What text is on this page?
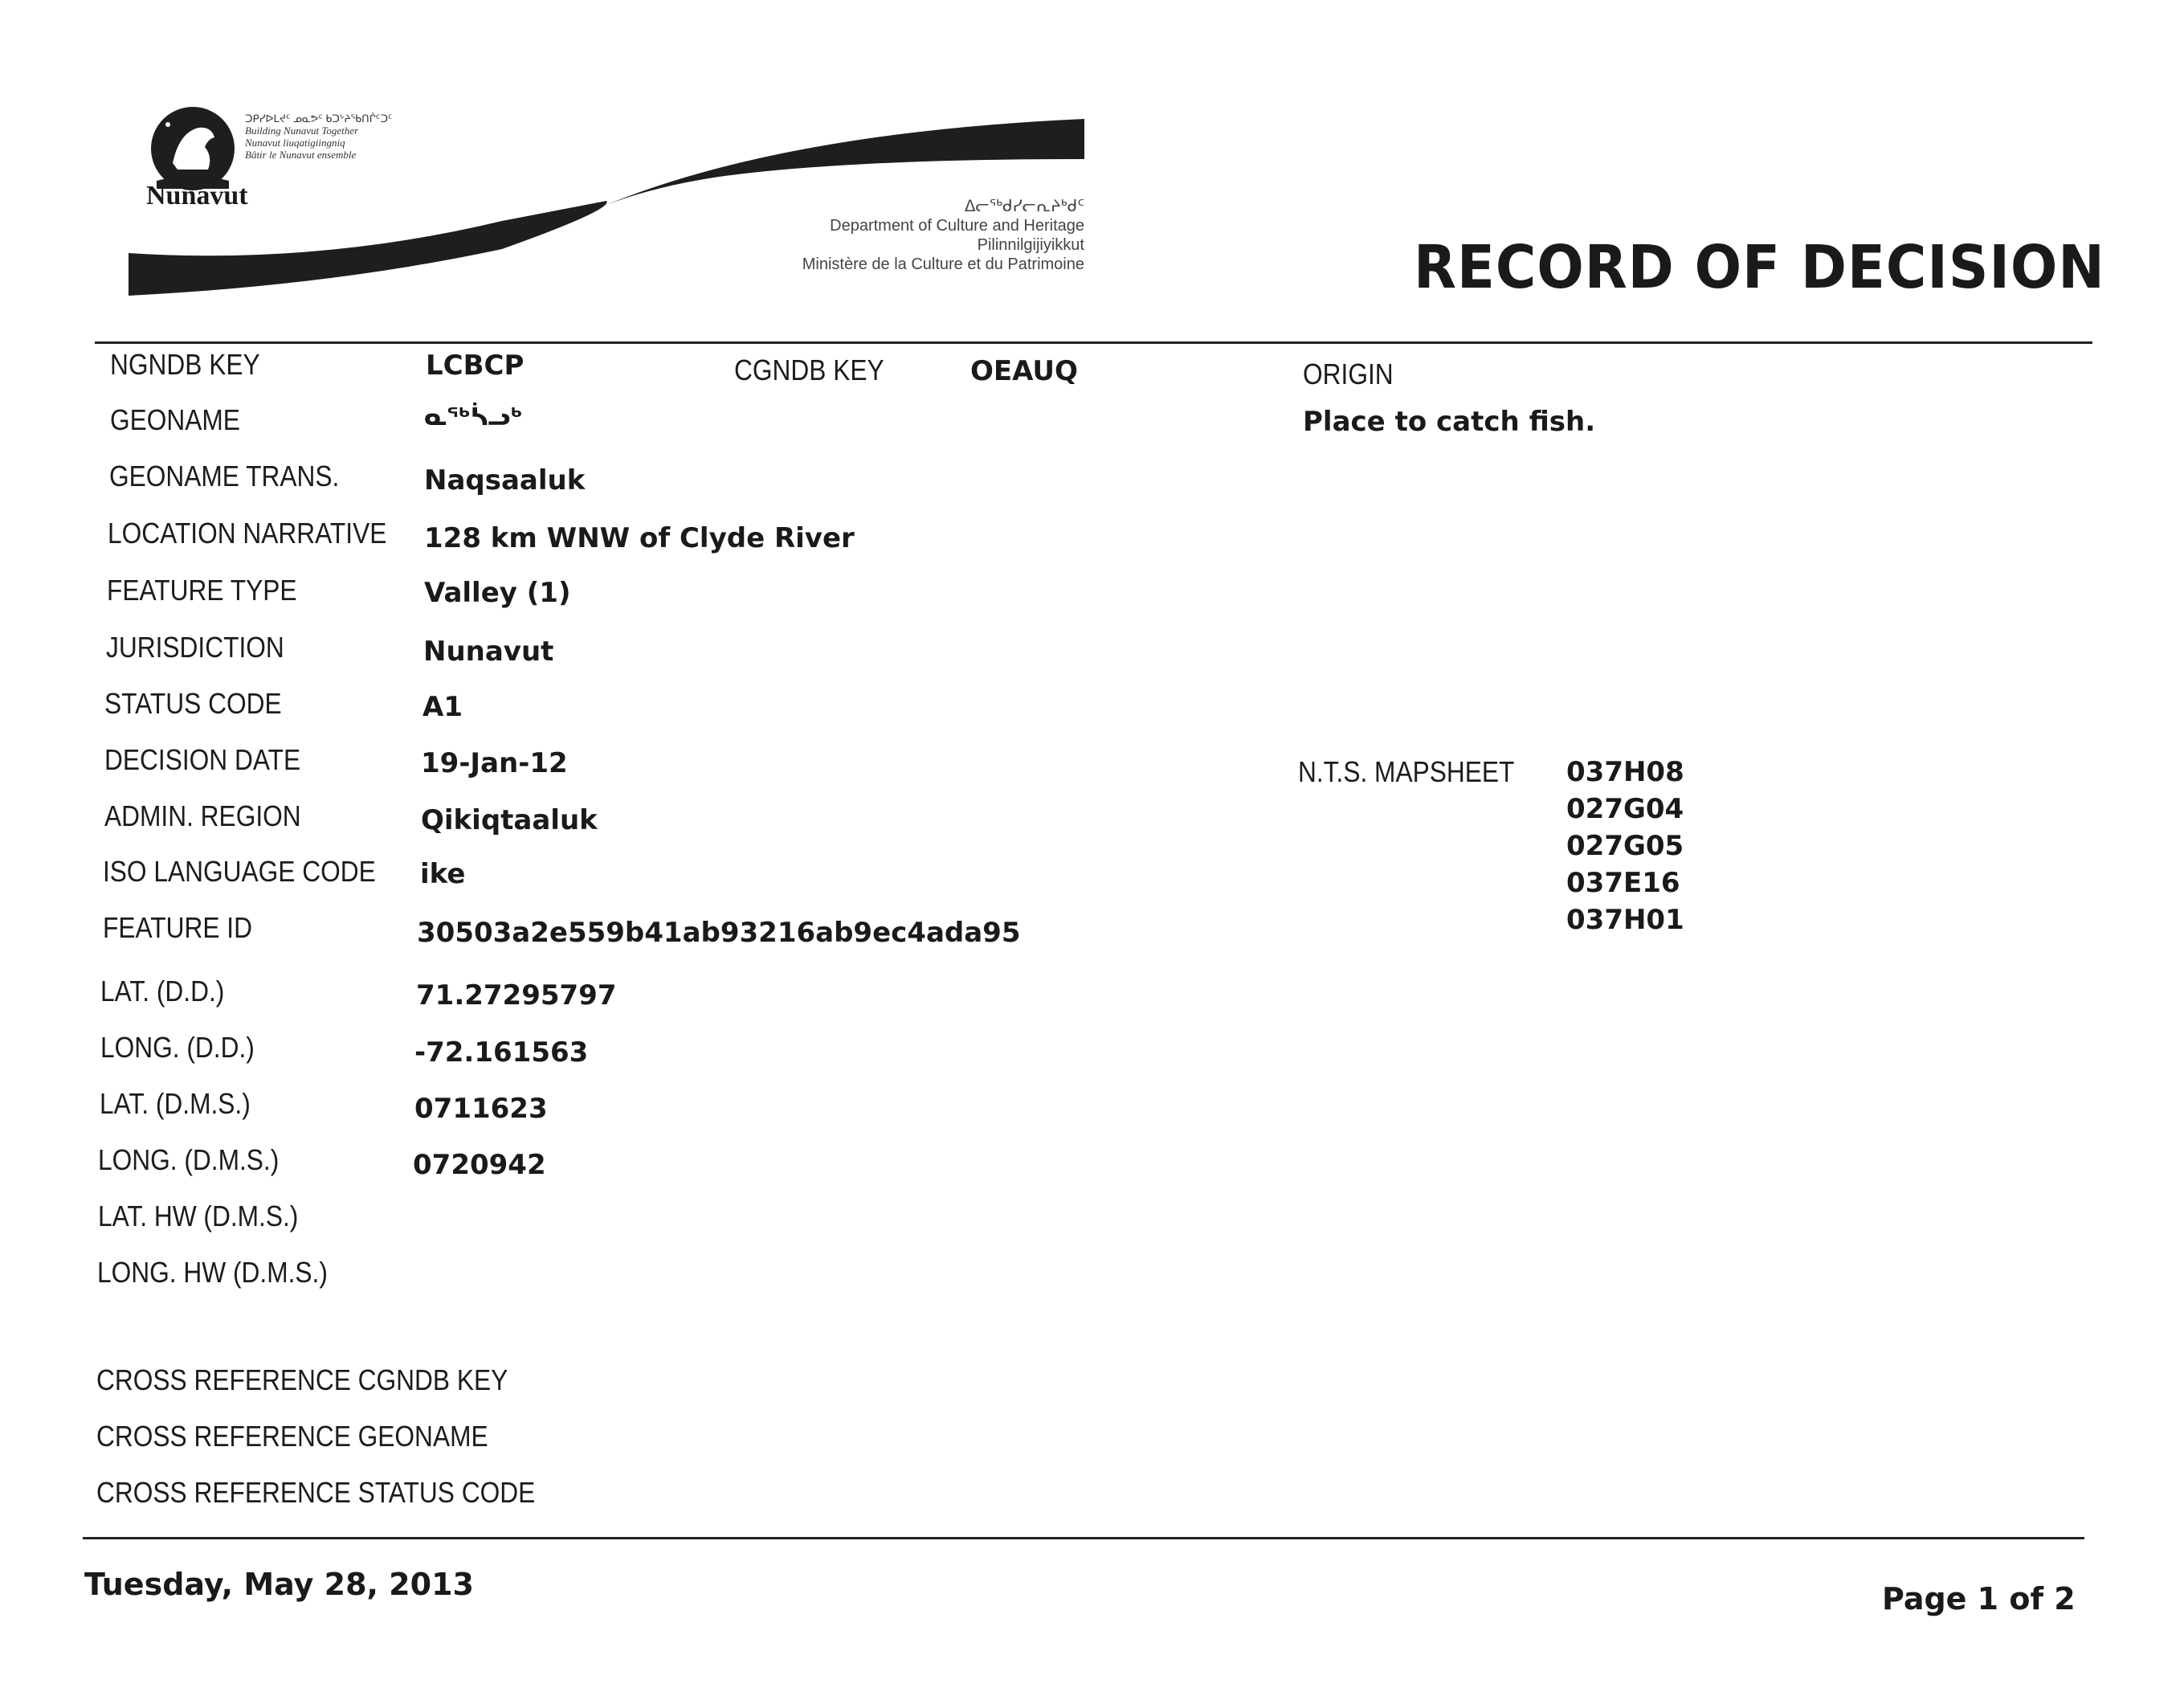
Nunavut
ᑐᑭᓯᐅᒪᔪᑦ ᓄᓇᕗᑦ ᑲᑐᔾᔨᖃᑎᒌᑦᑐᑦ
Building Nunavut Together
Nunavut liuqatigiingniq
Bâtir le Nunavut ensemble
ᐃᓕᖅᑯᓯᓕᕆᔨᒃᑯᑦ
Department of Culture and Heritage
Pilinnilgijiyikkut
Ministère de la Culture et du Patrimoine	RECORD OF DECISION
NGNDB KEY	LCBCP
GEONAME	ᓇᖅᓵᓗᒃ
GEONAME TRANS.	Naqsaaluk
LOCATION NARRATIVE 128 km WNW of Clyde River
FEATURE TYPE	Valley (1)
JURISDICTION	Nunavut
STATUS CODE	A1
DECISION DATE	19-Jan-12
ADMIN. REGION	Qikiqtaaluk
ISO LANGUAGE CODE ike
FEATURE ID	30503a2e559b41ab93216ab9ec4ada95
LAT. (D.D.)	71.27295797
LONG. (D.D.)	-72.161563
LAT. (D.M.S.)	0711623
LONG. (D.M.S.)	0720942
LAT. HW (D.M.S.)
LONG. HW (D.M.S.)
CGNDB KEY	OEAUQ	ORIGIN
Place to catch fish.
N.T.S. MAPSHEET 037H08
027G04
027G05
037E16
037H01
CROSS REFERENCE CGNDB KEY
CROSS REFERENCE GEONAME
CROSS REFERENCE STATUS CODE
Tuesday, May 28, 2013	Page 1 of 2
